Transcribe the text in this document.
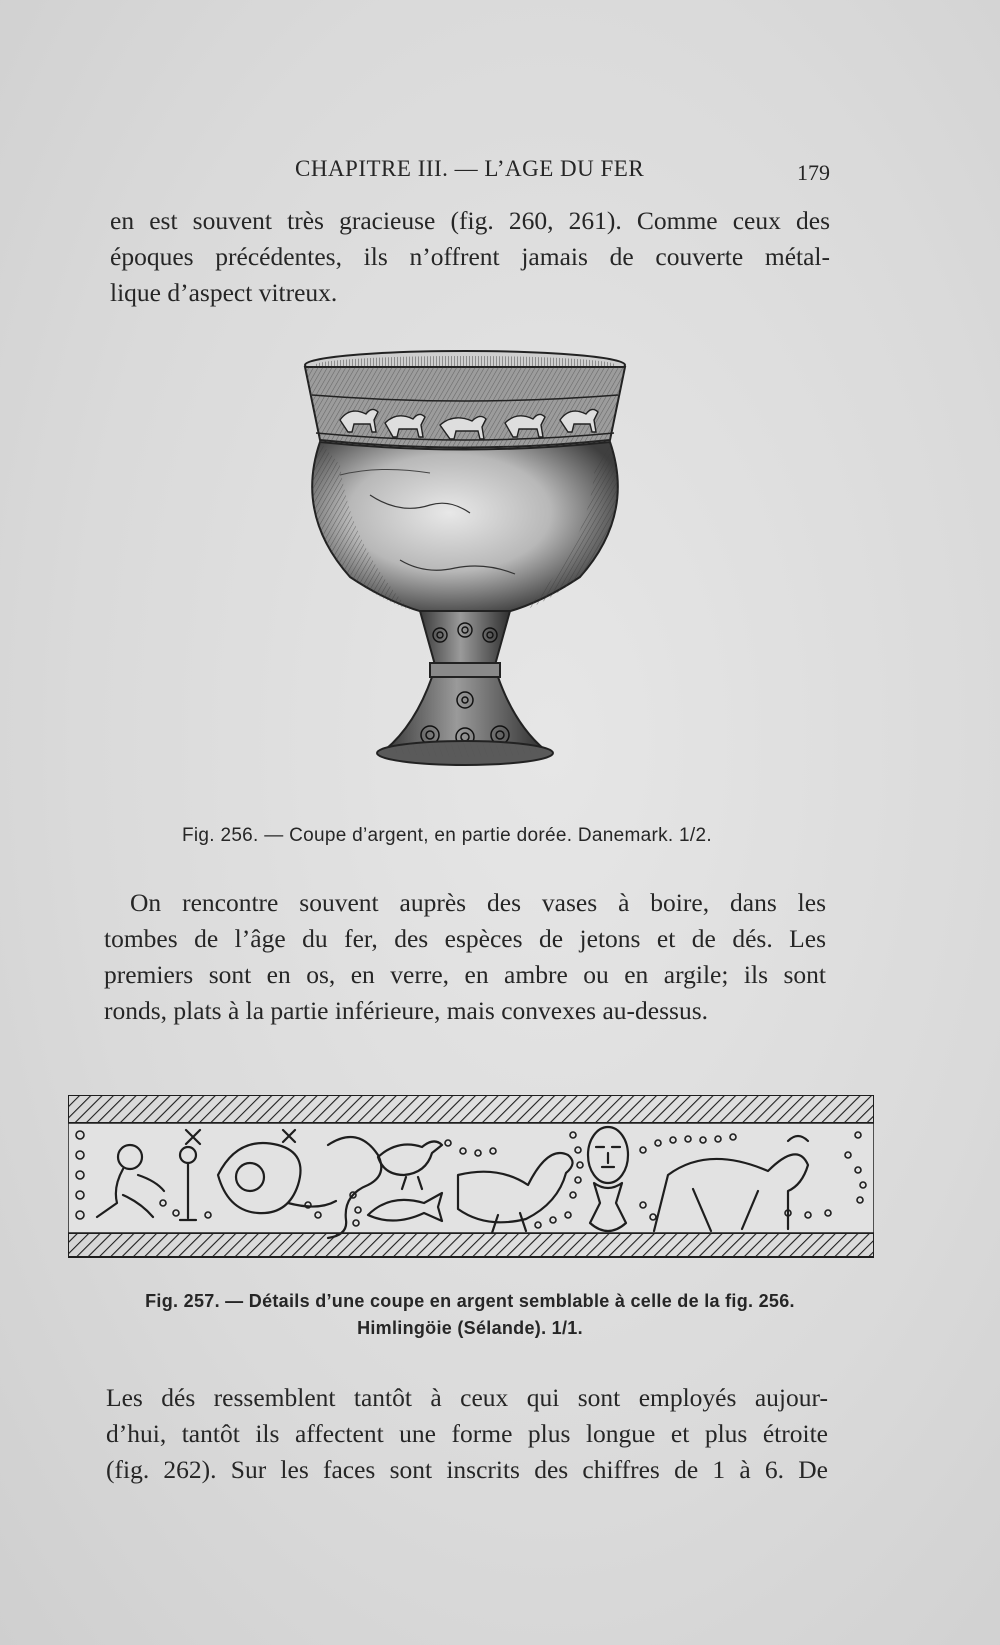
CHAPITRE III. — L’AGE DU FER	179
en est souvent très gracieuse (fig. 260, 261). Comme ceux des
époques précédentes, ils n’offrent jamais de couverte métal-
lique d’aspect vitreux.
Fig. 256. — Coupe d’argent, en partie dorée. Danemark. 1/2.
On rencontre souvent auprès des vases à boire, dans les
tombes de l’âge du fer, des espèces de jetons et de dés. Les
premiers sont en os, en verre, en ambre ou en argile; ils sont
ronds, plats à la partie inférieure, mais convexes au-dessus.
Fig. 257. — Détails d’une coupe en argent semblable à celle de la fig. 256.
Himlingöie (Sélande). 1/1.
Les dés ressemblent tantôt à ceux qui sont employés aujour-
d’hui, tantôt ils affectent une forme plus longue et plus étroite
(fig. 262). Sur les faces sont inscrits des chiffres de 1 à 6. De
